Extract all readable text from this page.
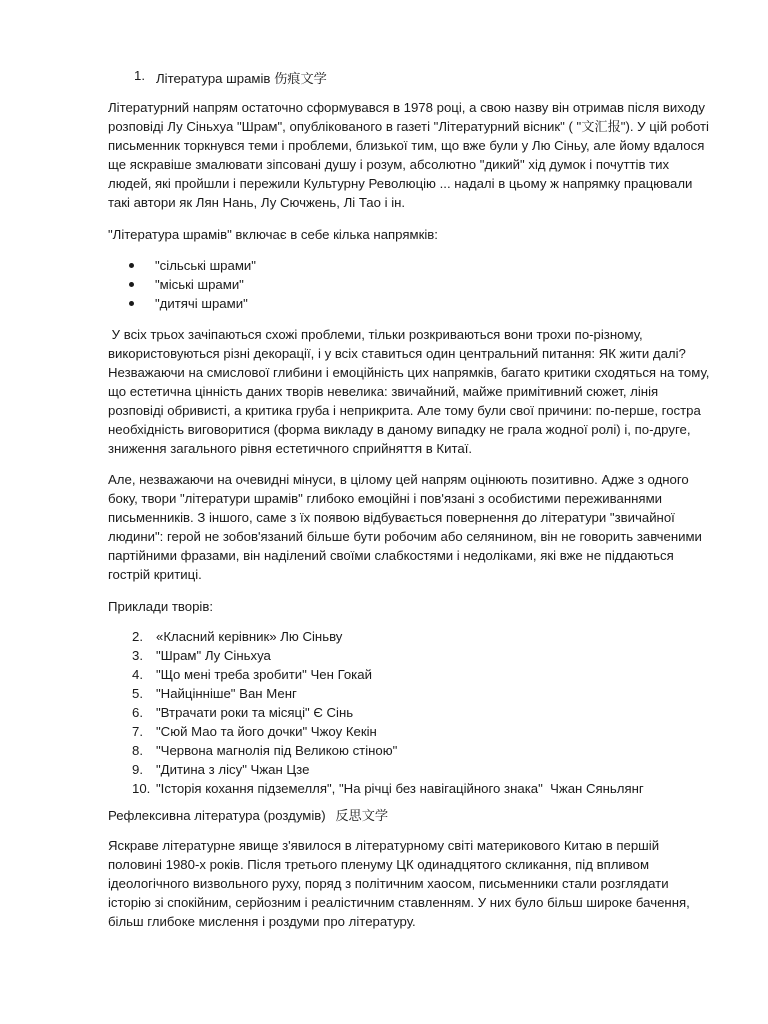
1. Література шрамів 伤痕文学

Літературний напрям остаточно сформувався в 1978 році, а свою назву він отримав після виходу розповіді Лу Сіньхуа "Шрам", опублікованого в газеті "Літературний вісник" ( "文汇报"). У цій роботі письменник торкнувся теми і проблеми, близької тим, що вже були у Лю Сіньу, але йому вдалося ще яскравіше змалювати зіпсовані душу і розум, абсолютно "дикий" хід думок і почуттів тих людей, які пройшли і пережили Культурну Революцію ... надалі в цьому ж напрямку працювали такі автори як Лян Нань, Лу Сючжень, Лі Тао і ін.

"Література шрамів" включає в себе кілька напрямків:

"сільські шрами"
"міські шрами"
"дитячі шрами"

У всіх трьох зачіпаються схожі проблеми, тільки розкриваються вони трохи по-різному, використовуються різні декорації, і у всіх ставиться один центральний питання: ЯК жити далі? Незважаючи на смислової глибини і емоційність цих напрямків, багато критики сходяться на тому, що естетична цінність даних творів невелика: звичайний, майже примітивний сюжет, лінія розповіді обривисті, а критика груба і неприкрита. Але тому були свої причини: по-перше, гостра необхідність виговоритися (форма викладу в даному випадку не грала жодної ролі) і, по-друге, зниження загального рівня естетичного сприйняття в Китаї.

Але, незважаючи на очевидні мінуси, в цілому цей напрям оцінюють позитивно. Адже з одного боку, твори "літератури шрамів" глибоко емоційні і пов'язані з особистими переживаннями письменників. З іншого, саме з їх появою відбувається повернення до літератури "звичайної людини": герой не зобов'язаний більше бути робочим або селянином, він не говорить завченими партійними фразами, він наділений своїми слабкостями і недоліками, які вже не піддаються гострій критиці.

Приклади творів:

2. «Класний керівник» Лю Сіньву
3. "Шрам" Лу Сіньхуа
4. "Що мені треба зробити" Чен Гокай
5. "Найцінніше" Ван Менг
6. "Втрачати роки та місяці" Є Сінь
7. "Сюй Мао та його дочки" Чжоу Кекін
8. "Червона магнолія під Великою стіною"
9. "Дитина з лісу" Чжан Цзе
10. "Історія кохання підземелля", "На річці без навігаційного знака"  Чжан Сяньлянг
Рефлексивна література (роздумів) 反思文学

Яскраве літературне явище з'явилося в літературному світі материкового Китаю в першій половині 1980-х років. Після третього пленуму ЦК одинадцятого скликання, під впливом ідеологічного визвольного руху, поряд з політичним хаосом, письменники стали розглядати історію зі спокійним, серйозним і реалістичним ставленням. У них було більш широке бачення, більш глибоке мислення і роздуми про літературу.
